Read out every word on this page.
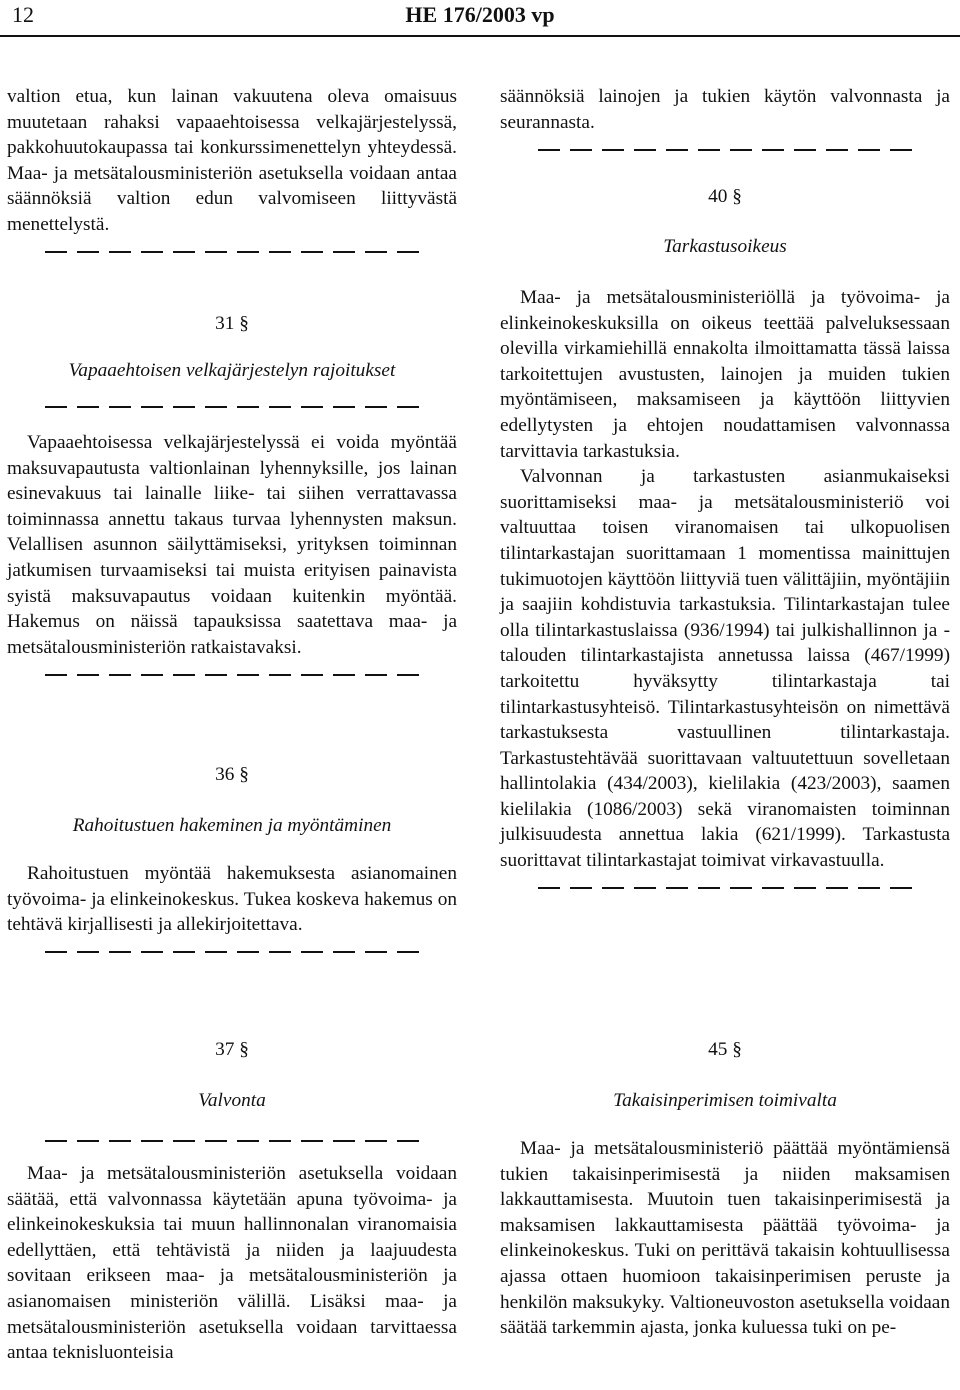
12	HE 176/2003 vp

valtion etua, kun lainan vakuutena oleva omaisuus muutetaan rahaksi vapaaehtoisessa velkajärjestelyssä, pakkohuutokaupassa tai konkurssimenettelyn yhteydessä. Maa- ja metsätalousministeriön asetuksella voidaan antaa säännöksiä valtion edun valvomiseen liittyvästä menettelystä.

31 §

Vapaaehtoisen velkajärjestelyn rajoitukset

Vapaaehtoisessa velkajärjestelyssä ei voida myöntää maksuvapautusta valtionlainan lyhennyksille, jos lainan esinevakuus tai lainalle liike- tai siihen verrattavassa toiminnassa annettu takaus turvaa lyhennysten maksun. Velallisen asunnon säilyttämiseksi, yrityksen toiminnan jatkumisen turvaamiseksi tai muista erityisen painavista syistä maksuvapautus voidaan kuitenkin myöntää. Hakemus on näissä tapauksissa saatettava maa- ja metsätalousministeriön ratkaistavaksi.

36 §

Rahoitustuen hakeminen ja myöntäminen

Rahoitustuen myöntää hakemuksesta asianomainen työvoima- ja elinkeinokeskus. Tukea koskeva hakemus on tehtävä kirjallisesti ja allekirjoitettava.

37 §

Valvonta

Maa- ja metsätalousministeriön asetuksella voidaan säätää, että valvonnassa käytetään apuna työvoima- ja elinkeinokeskuksia tai muun hallinnonalan viranomaisia edellyttäen, että tehtävistä ja niiden ja laajuudesta sovitaan erikseen maa- ja metsätalousministeriön ja asianomaisen ministeriön välillä. Lisäksi maa- ja metsätalousministeriön asetuksella voidaan tarvittaessa antaa teknisluonteisia

säännöksiä lainojen ja tukien käytön valvonnasta ja seurannasta.

40 §

Tarkastusoikeus

Maa- ja metsätalousministeriöllä ja työvoima- ja elinkeinokeskuksilla on oikeus teettää palveluksessaan olevilla virkamiehillä ennakolta ilmoittamatta tässä laissa tarkoitettujen avustusten, lainojen ja muiden tukien myöntämiseen, maksamiseen ja käyttöön liittyvien edellytysten ja ehtojen noudattamisen valvonnassa tarvittavia tarkastuksia.

Valvonnan ja tarkastusten asianmukaiseksi suorittamiseksi maa- ja metsätalousministeriö voi valtuuttaa toisen viranomaisen tai ulkopuolisen tilintarkastajan suorittamaan 1 momentissa mainittujen tukimuotojen käyttöön liittyviä tuen välittäjiin, myöntäjiin ja saajiin kohdistuvia tarkastuksia. Tilintarkastajan tulee olla tilintarkastuslaissa (936/1994) tai julkishallinnon ja -talouden tilintarkastajista annetussa laissa (467/1999) tarkoitettu hyväksytty tilintarkastaja tai tilintarkastusyhteisö. Tilintarkastusyhteisön on nimettävä tarkastuksesta vastuullinen tilintarkastaja. Tarkastustehtävää suorittavaan valtuutettuun sovelletaan hallintolakia (434/2003), kielilakia (423/2003), saamen kielilakia (1086/2003) sekä viranomaisten toiminnan julkisuudesta annettua lakia (621/1999). Tarkastusta suorittavat tilintarkastajat toimivat virkavastuulla.

45 §

Takaisinperimisen toimivalta

Maa- ja metsätalousministeriö päättää myöntämiensä tukien takaisinperimisestä ja niiden maksamisen lakkauttamisesta. Muutoin tuen takaisinperimisestä ja maksamisen lakkauttamisesta päättää työvoima- ja elinkeinokeskus. Tuki on perittävä takaisin kohtuullisessa ajassa ottaen huomioon takaisinperimisen peruste ja henkilön maksukyky. Valtioneuvoston asetuksella voidaan säätää tarkemmin ajasta, jonka kuluessa tuki on pe-
